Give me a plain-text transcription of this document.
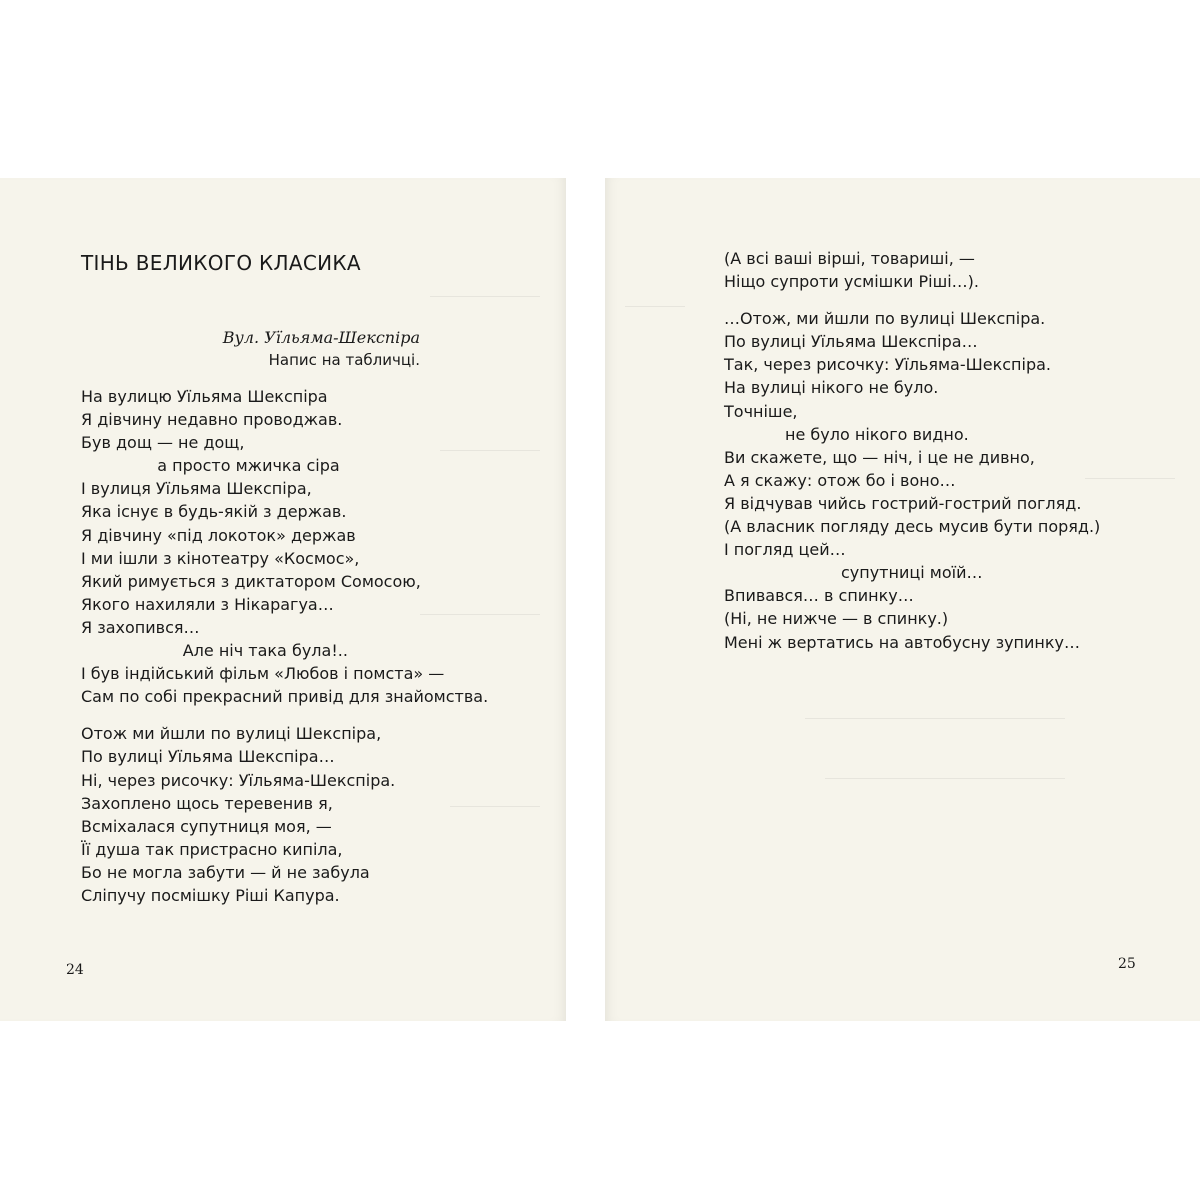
ТІНЬ ВЕЛИКОГО КЛАСИКА
Вул. Уїльяма-Шекспіра
Напис на табличці.
На вулицю Уїльяма Шекспіра
Я дівчину недавно проводжав.
Був дощ — не дощ,
а просто мжичка сіра
І вулиця Уїльяма Шекспіра,
Яка існує в будь-якій з держав.
Я дівчину «під локоток» держав
І ми ішли з кінотеатру «Космос»,
Який римується з диктатором Сомосою,
Якого нахиляли з Нікарагуа…
Я захопився…
Але ніч така була!..
І був індійський фільм «Любов і помста» —
Сам по собі прекрасний привід для знайомства.
Отож ми йшли по вулиці Шекспіра,
По вулиці Уїльяма Шекспіра…
Ні, через рисочку: Уїльяма-Шекспіра.
Захоплено щось теревенив я,
Всміхалася супутниця моя, —
Її душа так пристрасно кипіла,
Бо не могла забути — й не забула
Сліпучу посмішку Ріші Капура.
24
(А всі ваші вірші, товариші, —
Ніщо супроти усмішки Ріші…).
…Отож, ми йшли по вулиці Шекспіра.
По вулиці Уїльяма Шекспіра…
Так, через рисочку: Уїльяма-Шекспіра.
На вулиці нікого не було.
Точніше,
не було нікого видно.
Ви скажете, що — ніч, і це не дивно,
А я скажу: отож бо і воно…
Я відчував чийсь гострий-гострий погляд.
(А власник погляду десь мусив бути поряд.)
І погляд цей…
супутниці моїй…
Впивався… в спинку…
(Ні, не нижче — в спинку.)
Мені ж вертатись на автобусну зупинку…
25
